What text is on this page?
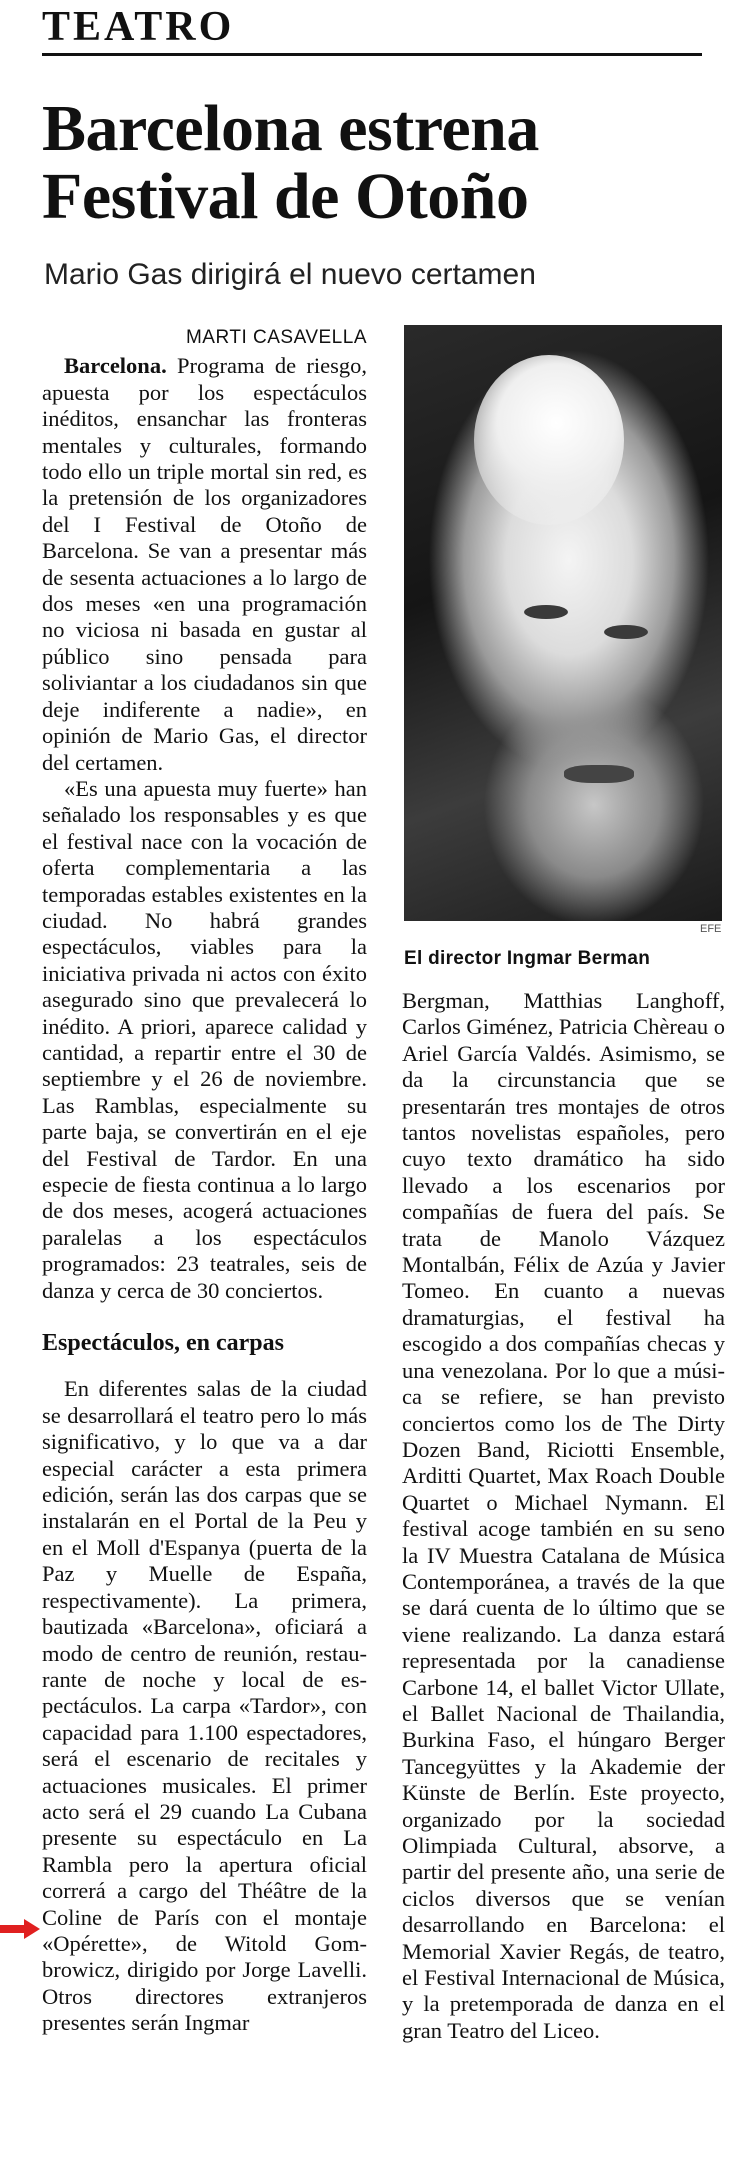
TEATRO
Barcelona estrena
Festival de Otoño
Mario Gas dirigirá el nuevo certamen
MARTI CASAVELLA

Barcelona. Programa de riesgo, apuesta por los espectáculos inéditos, ensanchar las fronteras mentales y culturales, formando todo ello un triple mortal sin red, es la pretensión de los organizadores del I Festival de Otoño de Barcelona. Se van a presentar más de sesenta actuaciones a lo largo de dos meses «en una programación no viciosa ni basada en gustar al público sino pensada para soliviantar a los ciudadanos sin que deje indiferente a nadie», en opinión de Mario Gas, el director del certamen.

«Es una apuesta muy fuerte» han señalado los responsables y es que el festival nace con la vocación de oferta complementaria a las temporadas estables existentes en la ciudad. No habrá grandes espectáculos, viables para la iniciativa privada ni actos con éxito asegurado sino que prevalecerá lo inédito. A priori, aparece calidad y cantidad, a repartir entre el 30 de septiembre y el 26 de noviembre. Las Ramblas, especialmente su parte baja, se convertirán en el eje del Festival de Tardor. En una especie de fiesta continua a lo largo de dos meses, acogerá actuaciones paralelas a los espectáculos programados: 23 teatrales, seis de danza y cerca de 30 conciertos.

Espectáculos, en carpas

En diferentes salas de la ciudad se desarrollará el teatro pero lo más significativo, y lo que va a dar especial carácter a esta primera edición, serán las dos carpas que se instalarán en el Portal de la Peu y en el Moll d'Espanya (puerta de la Paz y Muelle de España, respectivamente). La primera, bautizada «Barcelona», oficiará a modo de centro de reunión, restaurante de noche y local de espectáculos. La carpa «Tardor», con capacidad para 1.100 espectadores, será el escenario de recitales y actuaciones musicales. El primer acto será el 29 cuando La Cubana presente su espectáculo en La Rambla pero la apertura oficial correrá a cargo del Théâtre de la Coline de París con el montaje «Opérette», de Witold Gombrowicz, dirigido por Jorge Lavelli. Otros directores extranjeros presentes serán Ingmar

EFE
El director Ingmar Berman

Bergman, Matthias Langhoff, Carlos Giménez, Patricia Chèreau o Ariel García Valdés. Asimismo, se da la circunstancia que se presentarán tres montajes de otros tantos novelistas españoles, pero cuyo texto dramático ha sido llevado a los escenarios por compañías de fuera del país. Se trata de Manolo Vázquez Montalbán, Félix de Azúa y Javier Tomeo. En cuanto a nuevas dramaturgias, el festival ha escogido a dos compañías checas y una venezolana. Por lo que a música se refiere, se han previsto conciertos como los de The Dirty Dozen Band, Riciotti Ensemble, Arditti Quartet, Max Roach Double Quartet o Michael Nymann. El festival acoge también en su seno la IV Muestra Catalana de Música Contemporánea, a través de la que se dará cuenta de lo último que se viene realizando. La danza estará representada por la canadiense Carbone 14, el ballet Victor Ullate, el Ballet Nacional de Thailandia, Burkina Faso, el húngaro Berger Tancegyüttes y la Akademie der Künste de Berlín. Este proyecto, organizado por la sociedad Olimpiada Cultural, absorve, a partir del presente año, una serie de ciclos diversos que se venían desarrollando en Barcelona: el Memorial Xavier Regás, de teatro, el Festival Internacional de Música, y la pretemporada de danza en el gran Teatro del Liceo.
